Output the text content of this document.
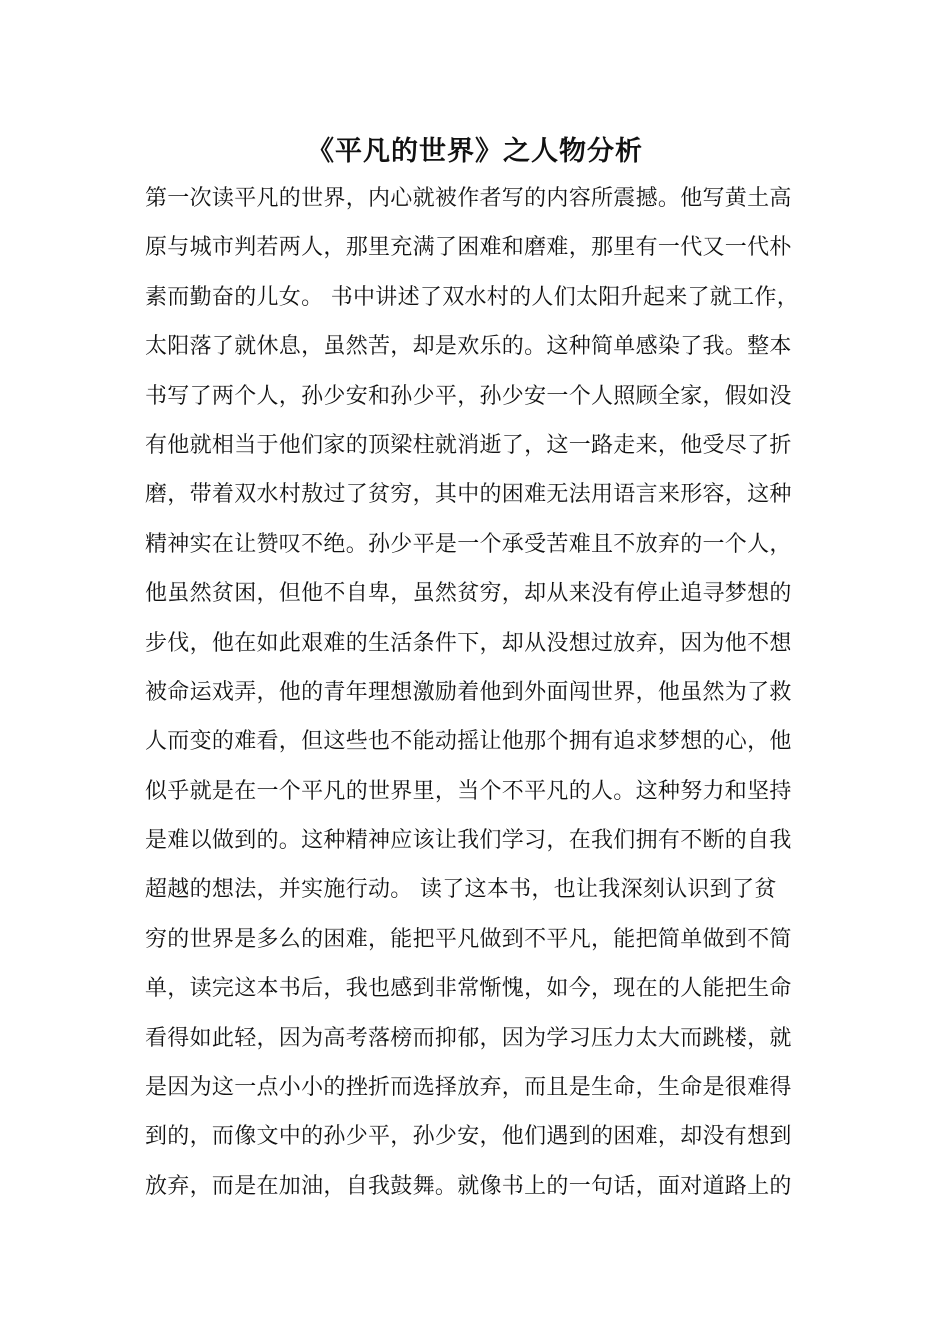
《平凡的世界》之人物分析
第一次读平凡的世界，内心就被作者写的内容所震撼。他写黄土高
原与城市判若两人，那里充满了困难和磨难，那里有一代又一代朴
素而勤奋的儿女。 书中讲述了双水村的人们太阳升起来了就工作，
太阳落了就休息，虽然苦，却是欢乐的。这种简单感染了我。整本
书写了两个人，孙少安和孙少平，孙少安一个人照顾全家，假如没
有他就相当于他们家的顶梁柱就消逝了，这一路走来，他受尽了折
磨，带着双水村敖过了贫穷，其中的困难无法用语言来形容，这种
精神实在让赞叹不绝。孙少平是一个承受苦难且不放弃的一个人，
他虽然贫困，但他不自卑，虽然贫穷，却从来没有停止追寻梦想的
步伐，他在如此艰难的生活条件下，却从没想过放弃，因为他不想
被命运戏弄，他的青年理想激励着他到外面闯世界，他虽然为了救
人而变的难看，但这些也不能动摇让他那个拥有追求梦想的心，他
似乎就是在一个平凡的世界里，当个不平凡的人。这种努力和坚持
是难以做到的。这种精神应该让我们学习，在我们拥有不断的自我
超越的想法，并实施行动。 读了这本书，也让我深刻认识到了贫
穷的世界是多么的困难，能把平凡做到不平凡，能把简单做到不简
单，读完这本书后，我也感到非常惭愧，如今，现在的人能把生命
看得如此轻，因为高考落榜而抑郁，因为学习压力太大而跳楼，就
是因为这一点小小的挫折而选择放弃，而且是生命，生命是很难得
到的，而像文中的孙少平，孙少安，他们遇到的困难，却没有想到
放弃，而是在加油，自我鼓舞。就像书上的一句话，面对道路上的
